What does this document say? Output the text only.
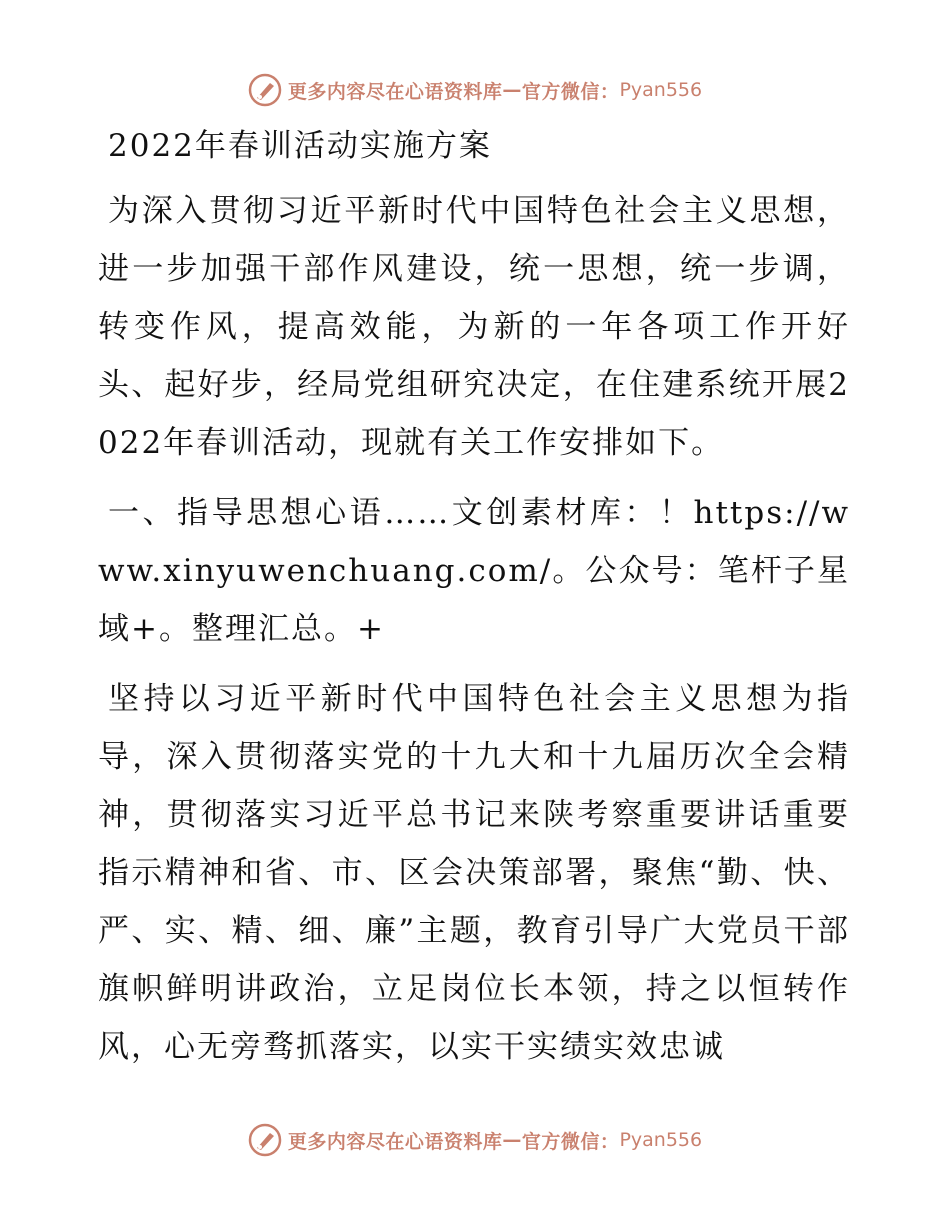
更多内容尽在心语资料库 — 官方微信： Pyan556
2022年春训活动实施方案

为深入贯彻习近平新时代中国特色社会主义思想，进一步加强干部作风建设，统一思想，统一步调，转变作风，提高效能，为新的一年各项工作开好头、起好步，经局党组研究决定，在住建系统开展2022年春训活动，现就有关工作安排如下。

一、指导思想心语……文创素材库：！https://www.xinyuwenchuang.com/。公众号：笔杆子星域+。整理汇总。+

坚持以习近平新时代中国特色社会主义思想为指导，深入贯彻落实党的十九大和十九届历次全会精神，贯彻落实习近平总书记来陕考察重要讲话重要指示精神和省、市、区会决策部署，聚焦“勤、快、严、实、精、细、廉”主题，教育引导广大党员干部旗帜鲜明讲政治，立足岗位长本领，持之以恒转作风，心无旁骛抓落实，以实干实绩实效忠诚

更多内容尽在心语资料库 — 官方微信： Pyan556
